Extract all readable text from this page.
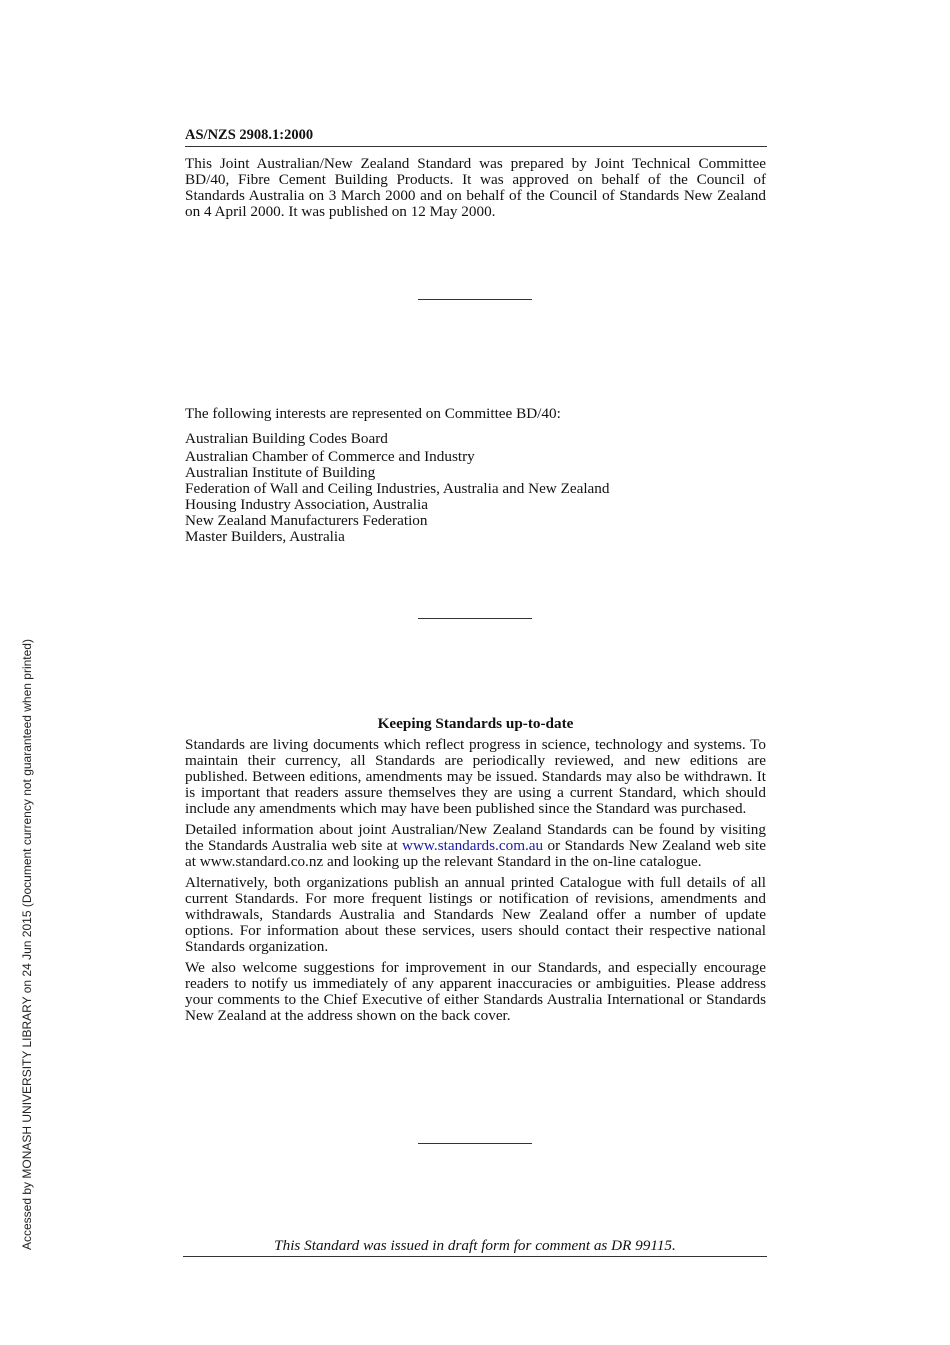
Accessed by MONASH UNIVERSITY LIBRARY on 24 Jun 2015 (Document currency not guaranteed when printed)
AS/NZS 2908.1:2000

This Joint Australian/New Zealand Standard was prepared by Joint Technical Committee BD/40, Fibre Cement Building Products. It was approved on behalf of the Council of Standards Australia on 3 March 2000 and on behalf of the Council of Standards New Zealand on 4 April 2000. It was published on 12 May 2000.

The following interests are represented on Committee BD/40:
Australian Building Codes Board
Australian Chamber of Commerce and Industry
Australian Institute of Building
Federation of Wall and Ceiling Industries, Australia and New Zealand
Housing Industry Association, Australia
New Zealand Manufacturers Federation
Master Builders, Australia
Keeping Standards up-to-date

Standards are living documents which reflect progress in science, technology and systems. To maintain their currency, all Standards are periodically reviewed, and new editions are published. Between editions, amendments may be issued. Standards may also be withdrawn. It is important that readers assure themselves they are using a current Standard, which should include any amendments which may have been published since the Standard was purchased.

Detailed information about joint Australian/New Zealand Standards can be found by visiting the Standards Australia web site at www.standards.com.au or Standards New Zealand web site at www.standard.co.nz and looking up the relevant Standard in the on-line catalogue.

Alternatively, both organizations publish an annual printed Catalogue with full details of all current Standards. For more frequent listings or notification of revisions, amendments and withdrawals, Standards Australia and Standards New Zealand offer a number of update options. For information about these services, users should contact their respective national Standards organization.

We also welcome suggestions for improvement in our Standards, and especially encourage readers to notify us immediately of any apparent inaccuracies or ambiguities. Please address your comments to the Chief Executive of either Standards Australia International or Standards New Zealand at the address shown on the back cover.

This Standard was issued in draft form for comment as DR 99115.
